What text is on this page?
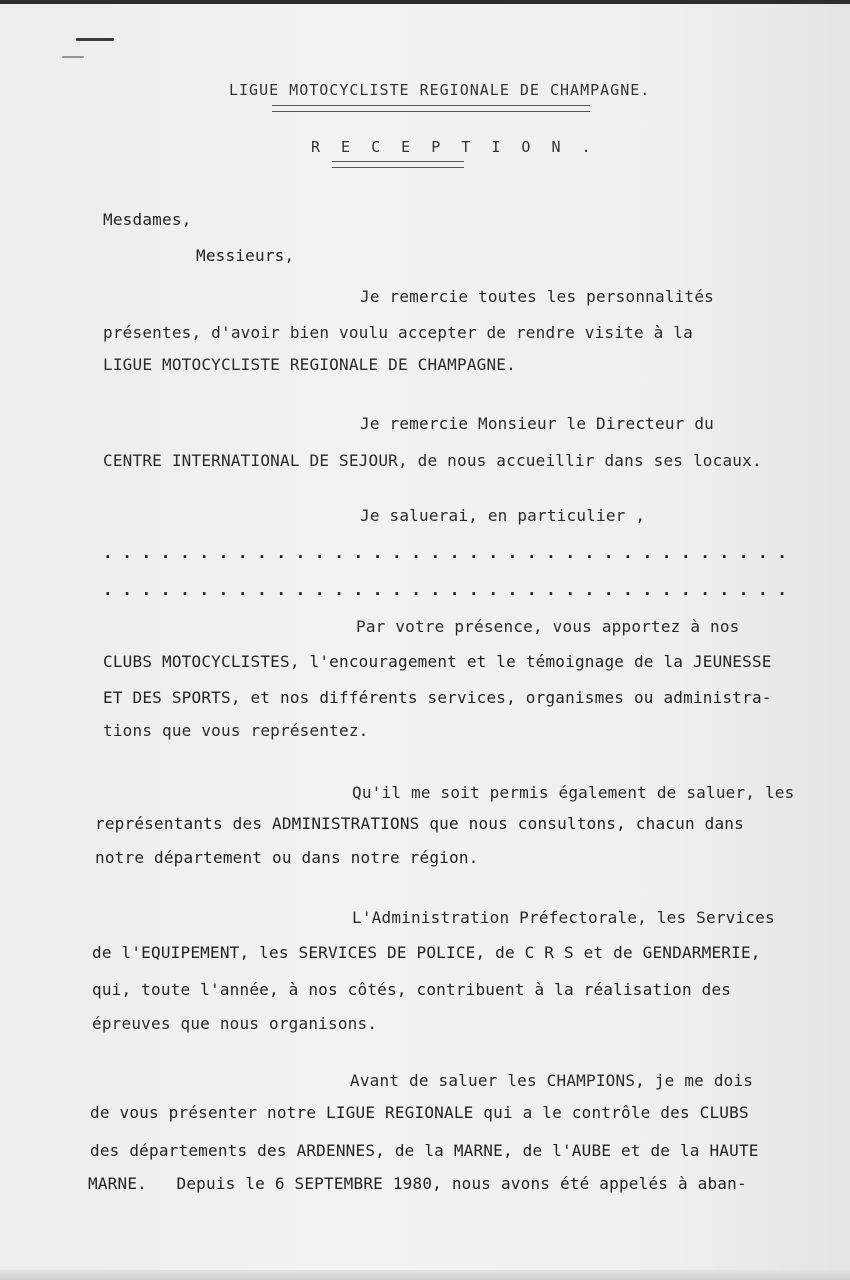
LIGUE MOTOCYCLISTE REGIONALE DE CHAMPAGNE.
R E C E P T I O N .
Mesdames,
Messieurs,
Je remercie toutes les personnalités
présentes, d'avoir bien voulu accepter de rendre visite à la
LIGUE MOTOCYCLISTE REGIONALE DE CHAMPAGNE.
Je remercie Monsieur le Directeur du
CENTRE INTERNATIONAL DE SEJOUR, de nous accueillir dans ses locaux.
Je saluerai, en particulier ,
. . . . . . . . . . . . . . . . . . . . . . . . . . . . . . . . . . . .
. . . . . . . . . . . . . . . . . . . . . . . . . . . . . . . . . . . .
Par votre présence, vous apportez à nos
CLUBS MOTOCYCLISTES, l'encouragement et le témoignage de la JEUNESSE
ET DES SPORTS, et nos différents services, organismes ou administra-
tions que vous représentez.
Qu'il me soit permis également de saluer, les
représentants des ADMINISTRATIONS que nous consultons, chacun dans
notre département ou dans notre région.
L'Administration Préfectorale, les Services
de l'EQUIPEMENT, les SERVICES DE POLICE, de C R S et de GENDARMERIE,
qui, toute l'année, à nos côtés, contribuent à la réalisation des
épreuves que nous organisons.
Avant de saluer les CHAMPIONS, je me dois
de vous présenter notre LIGUE REGIONALE qui a le contrôle des CLUBS
des départements des ARDENNES, de la MARNE, de l'AUBE et de la HAUTE
MARNE.   Depuis le 6 SEPTEMBRE 1980, nous avons été appelés à aban-
